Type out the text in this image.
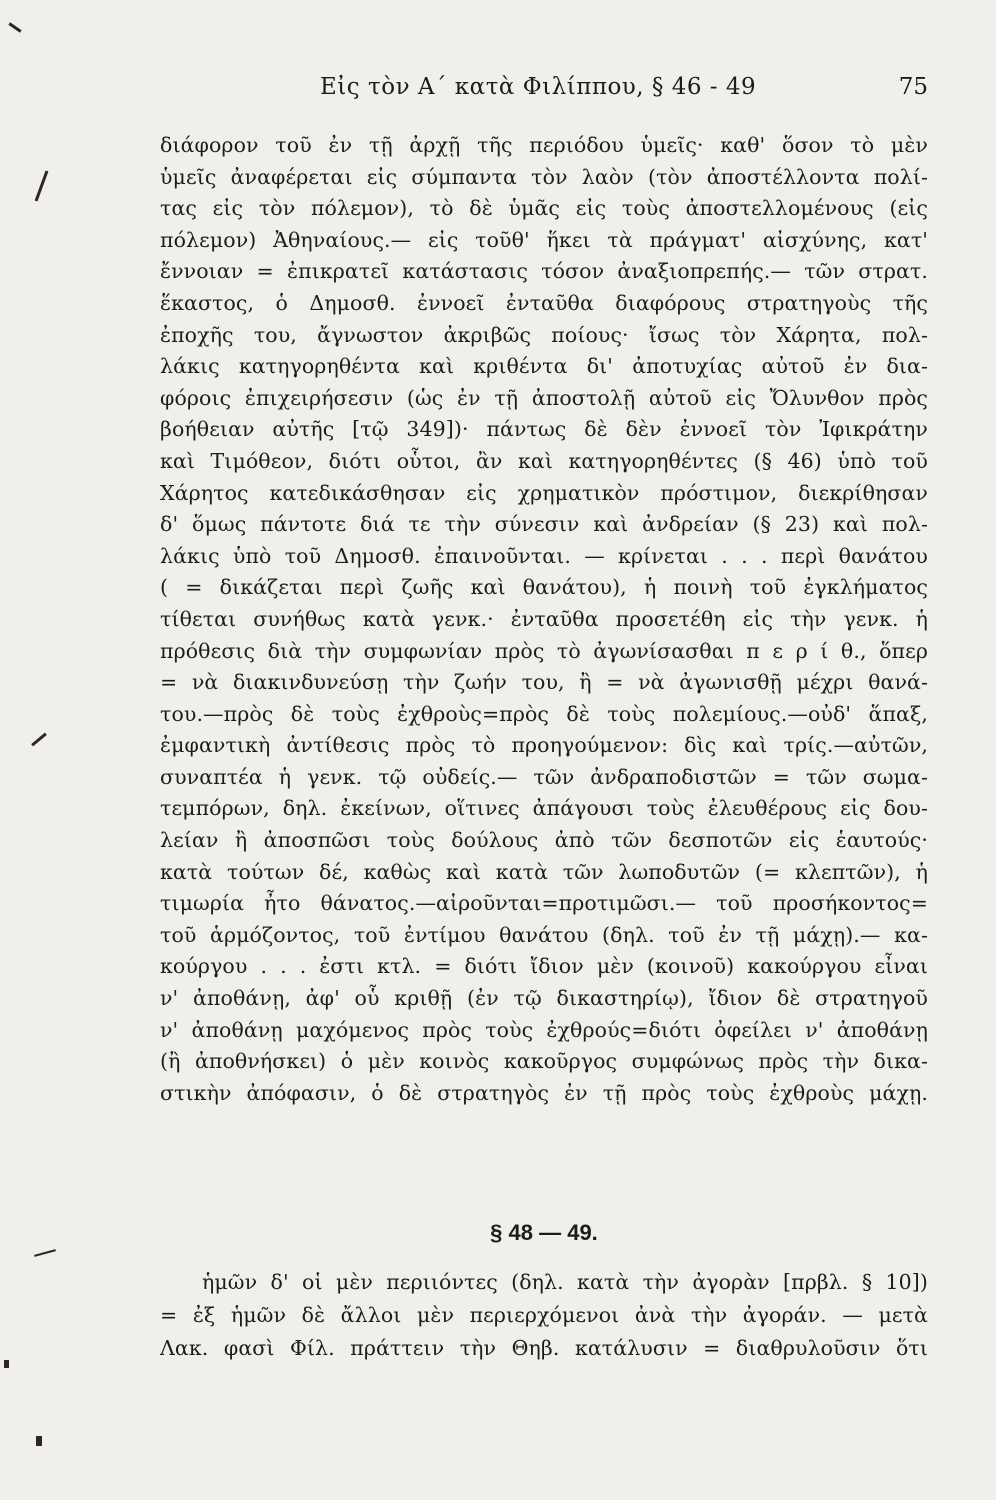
Εἰς τὸν Α΄ κατὰ Φιλίππου, § 46 - 49	75
διάφορον τοῦ ἐν τῇ ἀρχῇ τῆς περιόδου ὑμεῖς· καθ' ὅσον τὸ μὲν
ὑμεῖς ἀναφέρεται εἰς σύμπαντα τὸν λαὸν (τὸν ἀποστέλλοντα πολί-
τας εἰς τὸν πόλεμον), τὸ δὲ ὑμᾶς εἰς τοὺς ἀποστελλομένους (εἰς
πόλεμον) Ἀθηναίους.— εἰς τοῦθ' ἥκει τὰ πράγματ' αἰσχύνης, κατ'
ἔννοιαν = ἐπικρατεῖ κατάστασις τόσον ἀναξιοπρεπής.— τῶν στρατ.
ἕκαστος, ὁ Δημοσθ. ἐννοεῖ ἐνταῦθα διαφόρους στρατηγοὺς τῆς
ἐποχῆς του, ἄγνωστον ἀκριβῶς ποίους· ἴσως τὸν Χάρητα, πολ-
λάκις κατηγορηθέντα καὶ κριθέντα δι' ἀποτυχίας αὐτοῦ ἐν δια-
φόροις ἐπιχειρήσεσιν (ὡς ἐν τῇ ἀποστολῇ αὐτοῦ εἰς Ὄλυνθον πρὸς
βοήθειαν αὐτῆς [τῷ 349])· πάντως δὲ δὲν ἐννοεῖ τὸν Ἰφικράτην
καὶ Τιμόθεον, διότι οὗτοι, ἂν καὶ κατηγορηθέντες (§ 46) ὑπὸ τοῦ
Χάρητος κατεδικάσθησαν εἰς χρηματικὸν πρόστιμον, διεκρίθησαν
δ' ὅμως πάντοτε διά τε τὴν σύνεσιν καὶ ἀνδρείαν (§ 23) καὶ πολ-
λάκις ὑπὸ τοῦ Δημοσθ. ἐπαινοῦνται. — κρίνεται . . . περὶ θανάτου
( = δικάζεται περὶ ζωῆς καὶ θανάτου), ἡ ποινὴ τοῦ ἐγκλήματος
τίθεται συνήθως κατὰ γενκ.· ἐνταῦθα προσετέθη εἰς τὴν γενκ. ἡ
πρόθεσις διὰ τὴν συμφωνίαν πρὸς τὸ ἀγωνίσασθαι π ε ρ ί θ., ὅπερ
= νὰ διακινδυνεύσῃ τὴν ζωήν του, ἢ = νὰ ἀγωνισθῇ μέχρι θανά-
του.—πρὸς δὲ τοὺς ἐχθροὺς=πρὸς δὲ τοὺς πολεμίους.—οὐδ' ἅπαξ,
ἐμφαντικὴ ἀντίθεσις πρὸς τὸ προηγούμενον: δὶς καὶ τρίς.—αὐτῶν,
συναπτέα ἡ γενκ. τῷ οὐδείς.— τῶν ἀνδραποδιστῶν = τῶν σωμα-
τεμπόρων, δηλ. ἐκείνων, οἵτινες ἀπάγουσι τοὺς ἐλευθέρους εἰς δου-
λείαν ἢ ἀποσπῶσι τοὺς δούλους ἀπὸ τῶν δεσποτῶν εἰς ἑαυτούς·
κατὰ τούτων δέ, καθὼς καὶ κατὰ τῶν λωποδυτῶν (= κλεπτῶν), ἡ
τιμωρία ἦτο θάνατος.—αἱροῦνται=προτιμῶσι.— τοῦ προσήκοντος=
τοῦ ἁρμόζοντος, τοῦ ἐντίμου θανάτου (δηλ. τοῦ ἐν τῇ μάχῃ).— κα-
κούργου . . . ἐστι κτλ. = διότι ἴδιον μὲν (κοινοῦ) κακούργου εἶναι
ν' ἀποθάνῃ, ἀφ' οὗ κριθῇ (ἐν τῷ δικαστηρίῳ), ἴδιον δὲ στρατηγοῦ
ν' ἀποθάνῃ μαχόμενος πρὸς τοὺς ἐχθρούς=διότι ὀφείλει ν' ἀποθάνῃ
(ἢ ἀποθνήσκει) ὁ μὲν κοινὸς κακοῦργος συμφώνως πρὸς τὴν δικα-
στικὴν ἀπόφασιν, ὁ δὲ στρατηγὸς ἐν τῇ πρὸς τοὺς ἐχθροὺς μάχῃ.
§ 48 — 49.
ἡμῶν δ' οἱ μὲν περιιόντες (δηλ. κατὰ τὴν ἀγορὰν [πρβλ. § 10])
= ἐξ ἡμῶν δὲ ἄλλοι μὲν περιερχόμενοι ἀνὰ τὴν ἀγοράν. — μετὰ
Λακ. φασὶ Φίλ. πράττειν τὴν Θηβ. κατάλυσιν = διαθρυλοῦσιν ὅτι
